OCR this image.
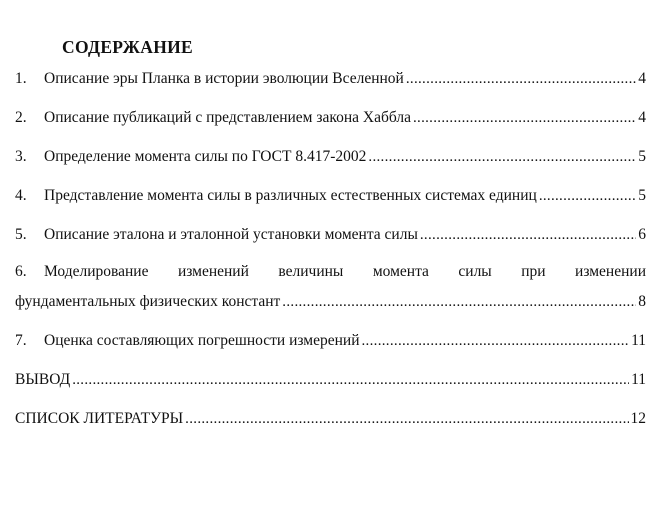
СОДЕРЖАНИЕ
1.	Описание эры Планка в истории эволюции Вселенной .....	4
2.	Описание публикаций с представлением закона Хаббла .....	4
3.	Определение момента силы по ГОСТ 8.417-2002 .....	5
4.	Представление момента силы в различных естественных системах единиц .....	5
5.	Описание эталона и эталонной установки момента силы .....	6
6.	Моделирование изменений величины момента силы при изменении
фундаментальных физических констант .....	8
7.	Оценка составляющих погрешности измерений .....	11
ВЫВОД .....	11
СПИСОК ЛИТЕРАТУРЫ .....	12
